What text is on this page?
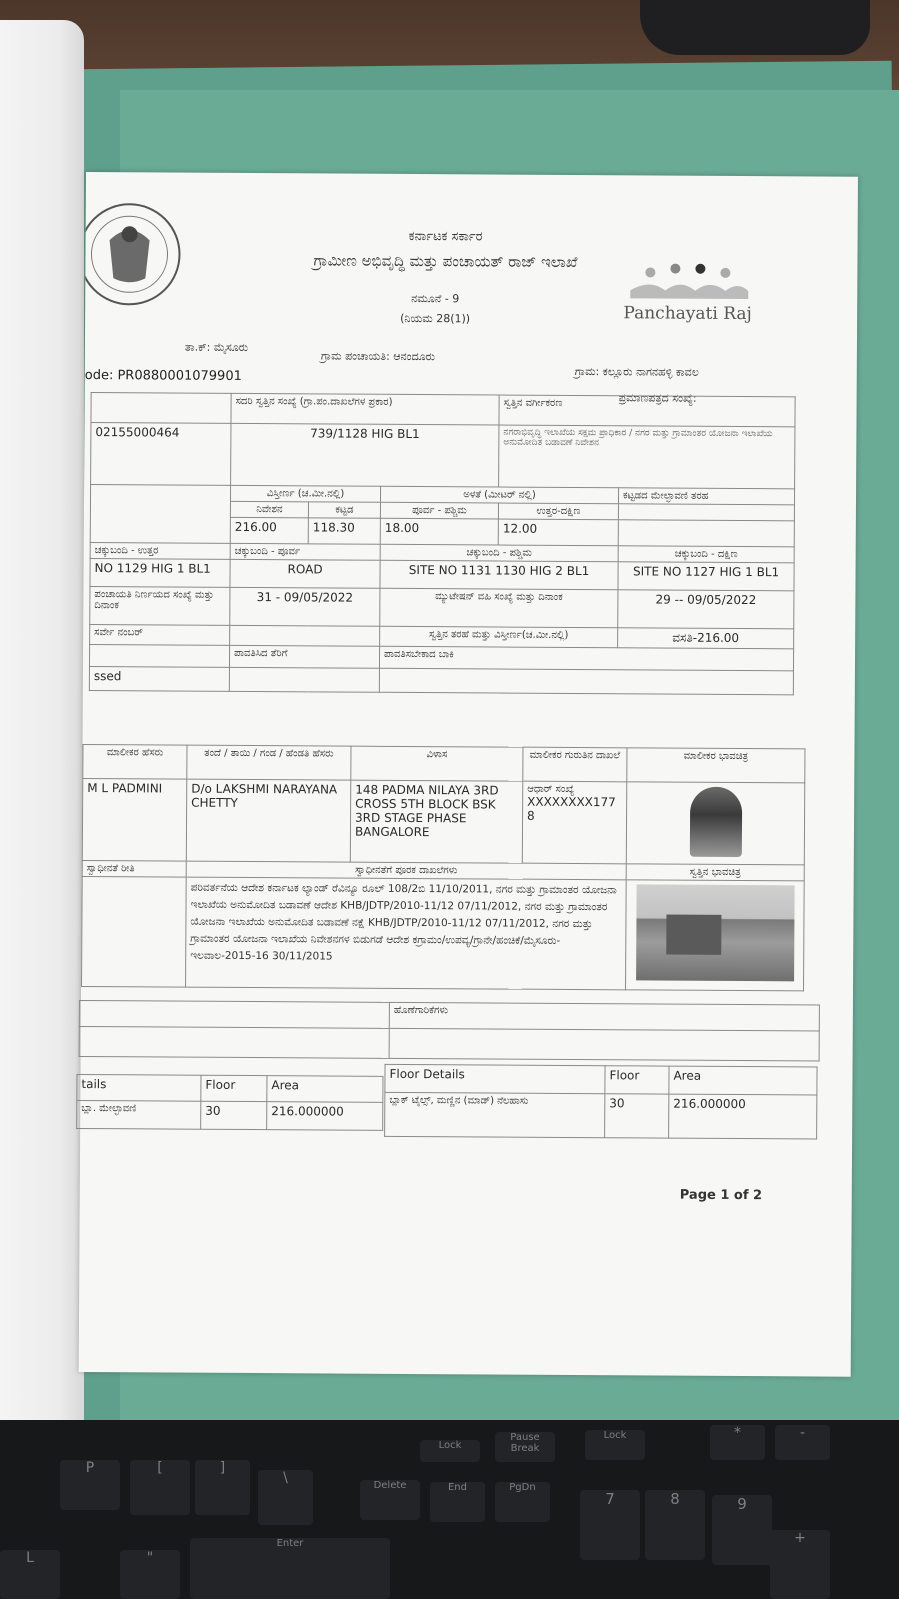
Lock
Pause Break
Lock
Delete	End	PgDn
7	8	9
P	[	]
\
L	"
Enter	+
*	-
ಕರ್ನಾಟಕ ಸರ್ಕಾರ
ಗ್ರಾಮೀಣ ಅಭಿವೃದ್ಧಿ ಮತ್ತು ಪಂಚಾಯತ್ ರಾಜ್ ಇಲಾಖೆ
ನಮೂನೆ - 9
(ನಿಯಮ 28(1))	Panchayati Raj
ತಾ.ಕ್: ಮೈಸೂರು
ಗ್ರಾಮ ಪಂಚಾಯತಿ: ಆನಂದೂರು
ಗ್ರಾಮ: ಕಲ್ಲೂರು ನಾಗನಹಳ್ಳಿ ಕಾವಲ
ode: PR0880001079901
ಪ್ರಮಾಣಪತ್ರದ ಸಂಖ್ಯೆ:
	ಸದರಿ ಸ್ವತ್ತಿನ ಸಂಖ್ಯೆ (ಗ್ರಾ.ಪಂ.ದಾಖಲೆಗಳ ಪ್ರಕಾರ)			ಸ್ವತ್ತಿನ ವರ್ಗೀಕರಣ	
02155000464	739/1128 HIG BL1			ನಗರಾಭಿವೃದ್ಧಿ ಇಲಾಖೆಯ ಸಕ್ಷಮ ಪ್ರಾಧಿಕಾರ / ನಗರ ಮತ್ತು ಗ್ರಾಮಾಂತರ ಯೋಜನಾ ಇಲಾಖೆಯ ಅನುಮೋದಿತ ಬಡಾವಣೆ ನಿವೇಶನ	
	ವಿಸ್ತೀರ್ಣ (ಚ.ಮೀ.ನಲ್ಲಿ)		ಅಳತೆ (ಮೀಟರ್ ನಲ್ಲಿ)		ಕಟ್ಟಡದ ಮೇಲ್ಛಾವಣಿ ತರಹ
	ನಿವೇಶನ	ಕಟ್ಟಡ	ಪೂರ್ವ - ಪಶ್ಚಿಮ	ಉತ್ತರ-ದಕ್ಷಿಣ	
	216.00	118.30	18.00	12.00	
ಚಕ್ಕುಬಂದಿ - ಉತ್ತರ	ಚಕ್ಕುಬಂದಿ - ಪೂರ್ವ		ಚಕ್ಕುಬಂದಿ - ಪಶ್ಚಿಮ		ಚಕ್ಕುಬಂದಿ - ದಕ್ಷಿಣ
NO 1129 HIG 1 BL1	ROAD		SITE NO 1131 1130 HIG 2 BL1		SITE NO 1127 HIG 1 BL1
ಪಂಚಾಯತಿ ನಿರ್ಣಯದ ಸಂಖ್ಯೆ ಮತ್ತು ದಿನಾಂಕ	31 - 09/05/2022		ಮ್ಯುಟೇಷನ್ ವಹಿ ಸಂಖ್ಯೆ ಮತ್ತು ದಿನಾಂಕ		29 -- 09/05/2022
ಸರ್ವೇ ನಂಬರ್			ಸ್ವತ್ತಿನ ತರಹೆ ಮತ್ತು ವಿಸ್ತೀರ್ಣ(ಚ.ಮೀ.ನಲ್ಲಿ)		ವಸತಿ-216.00
	ಪಾವತಿಸಿದ ತೆರಿಗೆ		ಪಾವತಿಸಬೇಕಾದ ಬಾಕಿ		
ssed					
ಮಾಲೀಕರ ಹೆಸರು	ತಂದೆ / ತಾಯಿ / ಗಂಡ / ಹೆಂಡತಿ ಹೆಸರು	ವಿಳಾಸ	ಮಾಲೀಕರ ಗುರುತಿನ ದಾಖಲೆ	ಮಾಲೀಕರ ಭಾವಚಿತ್ರ
M L PADMINI	D/o LAKSHMI NARAYANA CHETTY	148 PADMA NILAYA 3RD CROSS 5TH BLOCK BSK 3RD STAGE PHASE BANGALORE	ಆಧಾರ್ ಸಂಖ್ಯೆ
XXXXXXXX1778	

ಸ್ವಾಧೀನತೆ ರೀತಿ	ಸ್ವಾಧೀನತೆಗೆ ಪೂರಕ ದಾಖಲೆಗಳು			ಸ್ವತ್ತಿನ ಭಾವಚಿತ್ರ
	ಪರಿವರ್ತನೆಯ ಆದೇಶ ಕರ್ನಾಟಕ ಲ್ಯಾಂಡ್ ರೆವಿನ್ಯೂ ರೂಲ್ 108/2ಬಿ 11/10/2011, ನಗರ ಮತ್ತು ಗ್ರಾಮಾಂತರ ಯೋಜನಾ ಇಲಾಖೆಯ ಅನುಮೋದಿತ ಬಡಾವಣೆ ಆದೇಶ KHB/JDTP/2010-11/12 07/11/2012, ನಗರ ಮತ್ತು ಗ್ರಾಮಾಂತರ ಯೋಜನಾ ಇಲಾಖೆಯ ಅನುಮೋದಿತ ಬಡಾವಣೆ ನಕ್ಷೆ KHB/JDTP/2010-11/12 07/11/2012, ನಗರ ಮತ್ತು ಗ್ರಾಮಾಂತರ ಯೋಜನಾ ಇಲಾಖೆಯ ನಿವೇಶನಗಳ ಬಿಡುಗಡೆ ಆದೇಶ ಕಗ್ರಾಮಂ/ಉಪವ್ಯ/ಗ್ರಾನೇ/ಹಂಚಿಕೆ/ಮೈಸೂರು-ಇಲವಾಲ-2015-16 30/11/2015			
	ಹೊಣೆಗಾರಿಕೆಗಳು

tails	Floor	Area
ಬ್ಲಾ. ಮೇಲ್ಛಾವಣಿ	30	216.000000
Floor Details	Floor	Area
ಬ್ಲಾಕ್ ಟೈಲ್ಸ್, ಮಣ್ಣಿನ (ಮಾಡ್) ನೆಲಹಾಸು	30	216.000000
Page 1 of 2
